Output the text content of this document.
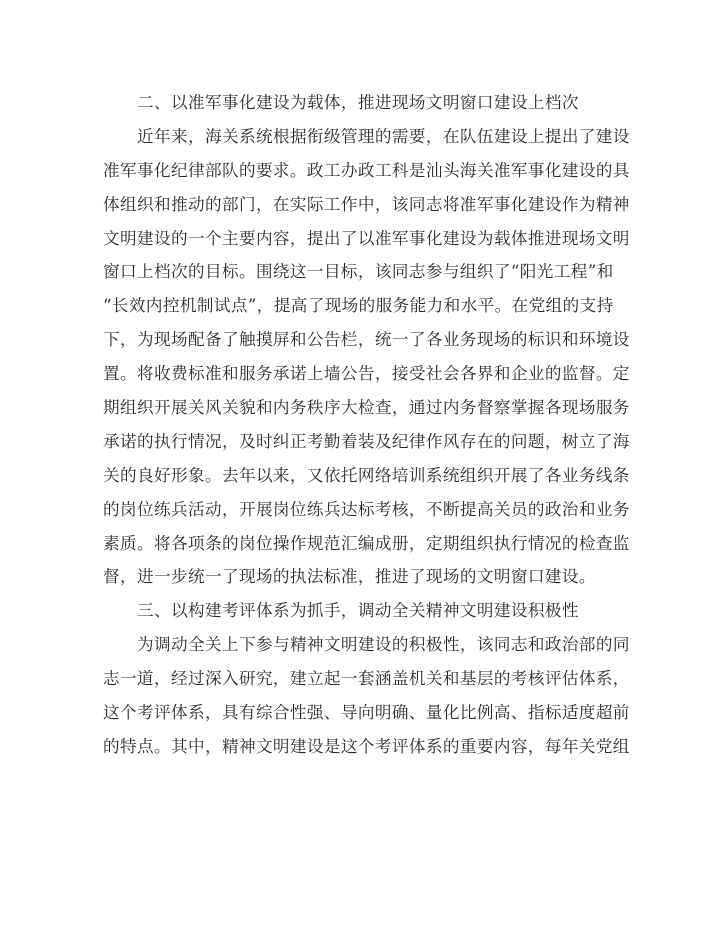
二、以准军事化建设为载体，推进现场文明窗口建设上档次
近年来，海关系统根据衔级管理的需要，在队伍建设上提出了建设
准军事化纪律部队的要求。政工办政工科是汕头海关准军事化建设的具
体组织和推动的部门，在实际工作中，该同志将准军事化建设作为精神
文明建设的一个主要内容，提出了以准军事化建设为载体推进现场文明
窗口上档次的目标。围绕这一目标，该同志参与组织了“阳光工程”和
“长效内控机制试点”，提高了现场的服务能力和水平。在党组的支持
下，为现场配备了触摸屏和公告栏，统一了各业务现场的标识和环境设
置。将收费标准和服务承诺上墙公告，接受社会各界和企业的监督。定
期组织开展关风关貌和内务秩序大检查，通过内务督察掌握各现场服务
承诺的执行情况，及时纠正考勤着装及纪律作风存在的问题，树立了海
关的良好形象。去年以来，又依托网络培训系统组织开展了各业务线条
的岗位练兵活动，开展岗位练兵达标考核，不断提高关员的政治和业务
素质。将各项条的岗位操作规范汇编成册，定期组织执行情况的检查监
督，进一步统一了现场的执法标准，推进了现场的文明窗口建设。
三、以构建考评体系为抓手，调动全关精神文明建设积极性
为调动全关上下参与精神文明建设的积极性，该同志和政治部的同
志一道，经过深入研究，建立起一套涵盖机关和基层的考核评估体系，
这个考评体系，具有综合性强、导向明确、量化比例高、指标适度超前
的特点。其中，精神文明建设是这个考评体系的重要内容，每年关党组
